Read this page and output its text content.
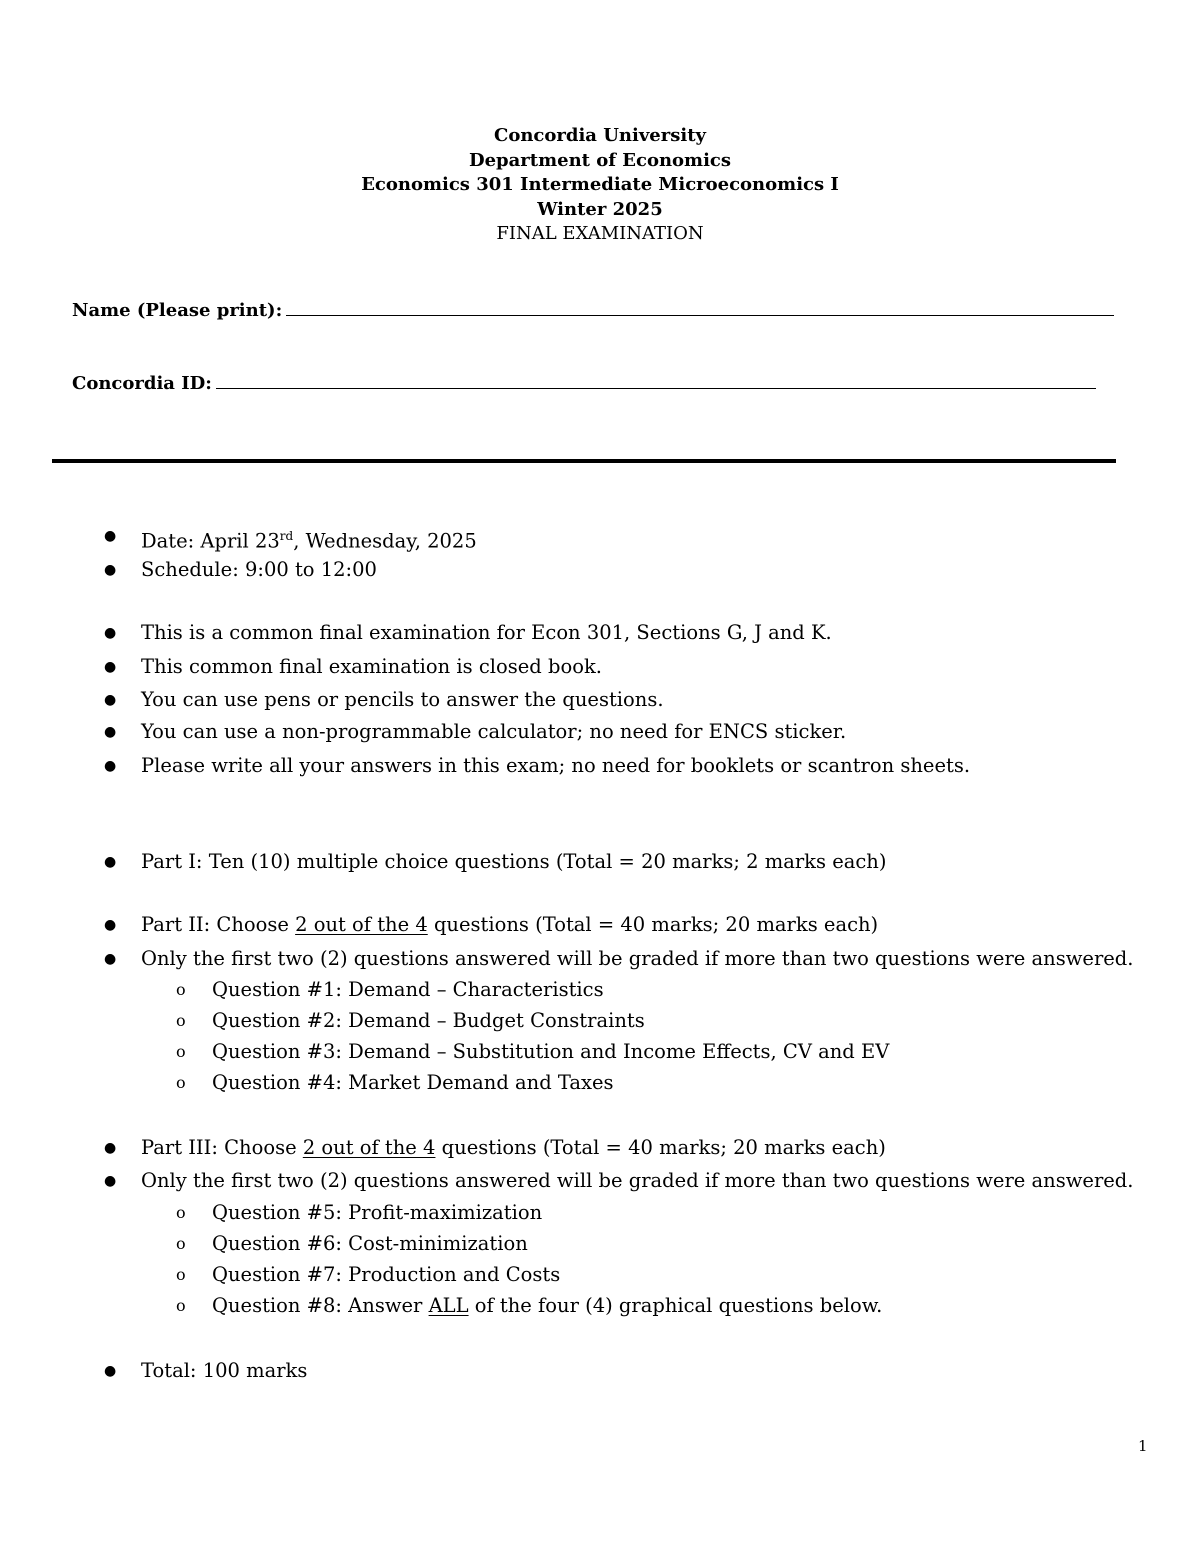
Concordia University
Department of Economics
Economics 301 Intermediate Microeconomics I
Winter 2025
FINAL EXAMINATION
Name (Please print):
Concordia ID:
● Date: April 23rd, Wednesday, 2025
● Schedule: 9:00 to 12:00
● This is a common final examination for Econ 301, Sections G, J and K.
● This common final examination is closed book.
● You can use pens or pencils to answer the questions.
● You can use a non-programmable calculator; no need for ENCS sticker.
● Please write all your answers in this exam; no need for booklets or scantron sheets.
● Part I: Ten (10) multiple choice questions (Total = 20 marks; 2 marks each)
● Part II: Choose 2 out of the 4 questions (Total = 40 marks; 20 marks each)
● Only the first two (2) questions answered will be graded if more than two questions were answered.
o Question #1: Demand – Characteristics
o Question #2: Demand – Budget Constraints
o Question #3: Demand – Substitution and Income Effects, CV and EV
o Question #4: Market Demand and Taxes
● Part III: Choose 2 out of the 4 questions (Total = 40 marks; 20 marks each)
● Only the first two (2) questions answered will be graded if more than two questions were answered.
o Question #5: Profit-maximization
o Question #6: Cost-minimization
o Question #7: Production and Costs
o Question #8: Answer ALL of the four (4) graphical questions below.
● Total: 100 marks
1
